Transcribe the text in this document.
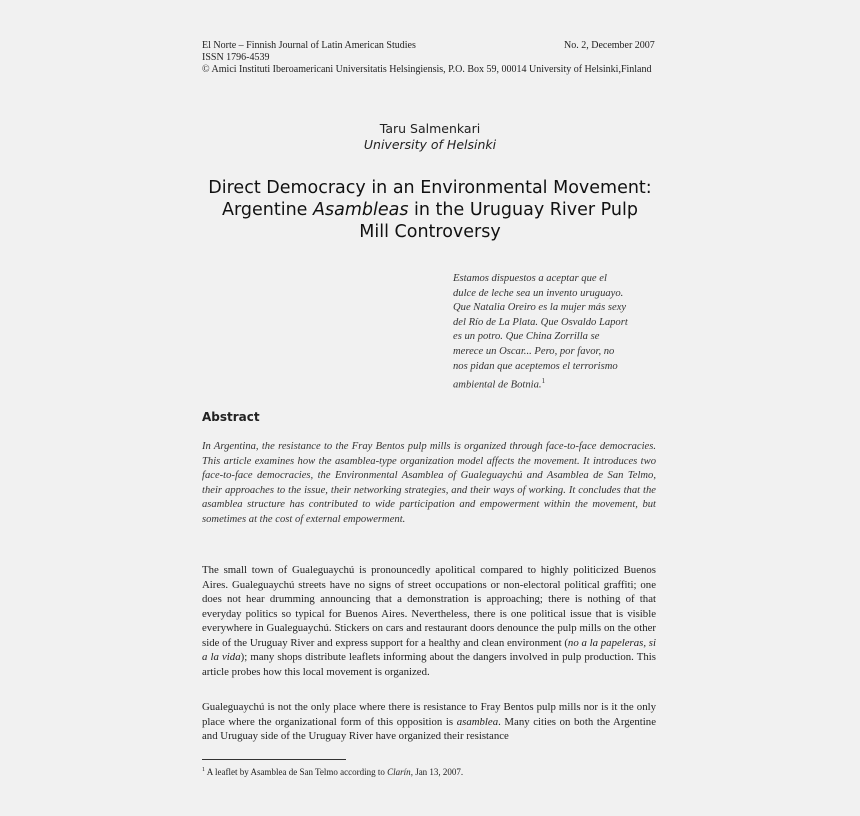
El Norte – Finnish Journal of Latin American Studies	No. 2, December 2007
ISSN 1796-4539
© Amici Instituti Iberoamericani Universitatis Helsingiensis, P.O. Box 59, 00014 University of Helsinki,Finland
Taru Salmenkari
University of Helsinki
Direct Democracy in an Environmental Movement:
Argentine Asambleas in the Uruguay River Pulp
Mill Controversy
Estamos dispuestos a aceptar que el
dulce de leche sea un invento uruguayo.
Que Natalia Oreiro es la mujer más sexy
del Río de La Plata. Que Osvaldo Laport
es un potro. Que China Zorrilla se
merece un Oscar... Pero, por favor, no
nos pidan que aceptemos el terrorismo
ambiental de Botnia.$^1$
Abstract
In Argentina, the resistance to the Fray Bentos pulp mills is organized through face-to-face democracies. This article examines how the asamblea-type organization model affects the movement. It introduces two face-to-face democracies, the Environmental Asamblea of Gualeguaychú and Asamblea de San Telmo, their approaches to the issue, their networking strategies, and their ways of working. It concludes that the asamblea structure has contributed to wide participation and empowerment within the movement, but sometimes at the cost of external empowerment.
The small town of Gualeguaychú is pronouncedly apolitical compared to highly politicized Buenos Aires. Gualeguaychú streets have no signs of street occupations or non-electoral political graffiti; one does not hear drumming announcing that a demonstration is approaching; there is nothing of that everyday politics so typical for Buenos Aires. Nevertheless, there is one political issue that is visible everywhere in Gualeguaychú. Stickers on cars and restaurant doors denounce the pulp mills on the other side of the Uruguay River and express support for a healthy and clean environment (no a la papeleras, si a la vida); many shops distribute leaflets informing about the dangers involved in pulp production. This article probes how this local movement is organized.
Gualeguaychú is not the only place where there is resistance to Fray Bentos pulp mills nor is it the only place where the organizational form of this opposition is asamblea. Many cities on both the Argentine and Uruguay side of the Uruguay River have organized their resistance
$^1$ A leaflet by Asamblea de San Telmo according to Clarín, Jan 13, 2007.
